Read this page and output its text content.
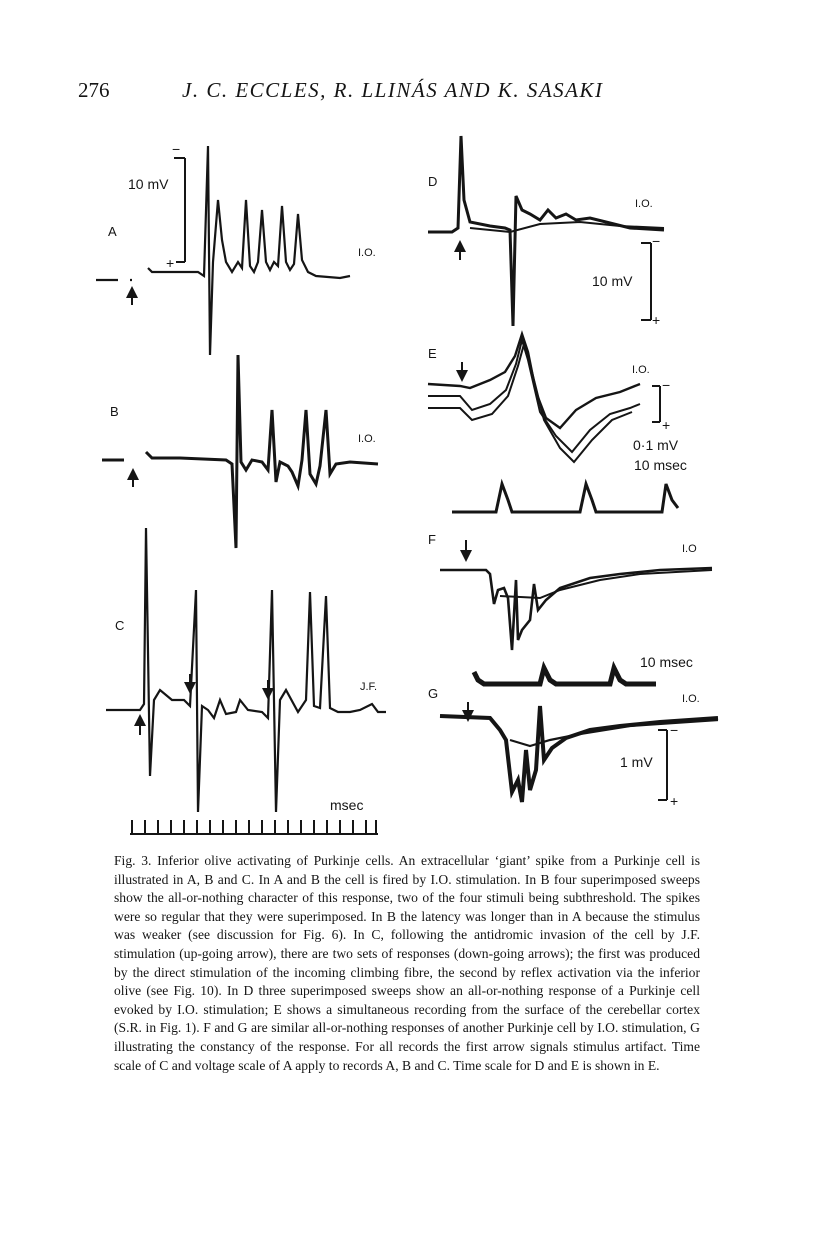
276	J. C. ECCLES, R. LLINÁS AND K. SASAKI
A
−
+
10 mV
I.O.
B
I.O.
C
J.F.
msec
D
I.O.
−
+
10 mV
E
I.O.
−
+
0·1 mV
10 msec
F
I.O
10 msec
G	I.O.
−
+
1 mV

Fig. 3. Inferior olive activating of Purkinje cells. An extracellular ‘giant’ spike from a Purkinje cell is illustrated in A, B and C. In A and B the cell is fired by I.O. stimulation. In B four superimposed sweeps show the all-or-nothing character of this response, two of the four stimuli being subthreshold. The spikes were so regular that they were superimposed. In B the latency was longer than in A because the stimulus was weaker (see discussion for Fig. 6). In C, following the antidromic invasion of the cell by J.F. stimulation (up-going arrow), there are two sets of responses (down-going arrows); the first was produced by the direct stimulation of the incoming climbing fibre, the second by reflex activation via the inferior olive (see Fig. 10). In D three superimposed sweeps show an all-or-nothing response of a Purkinje cell evoked by I.O. stimulation; E shows a simultaneous recording from the surface of the cerebellar cortex (S.R. in Fig. 1). F and G are similar all-or-nothing responses of another Purkinje cell by I.O. stimulation, G illustrating the constancy of the response. For all records the first arrow signals stimulus artifact. Time scale of C and voltage scale of A apply to records A, B and C. Time scale for D and E is shown in E.
